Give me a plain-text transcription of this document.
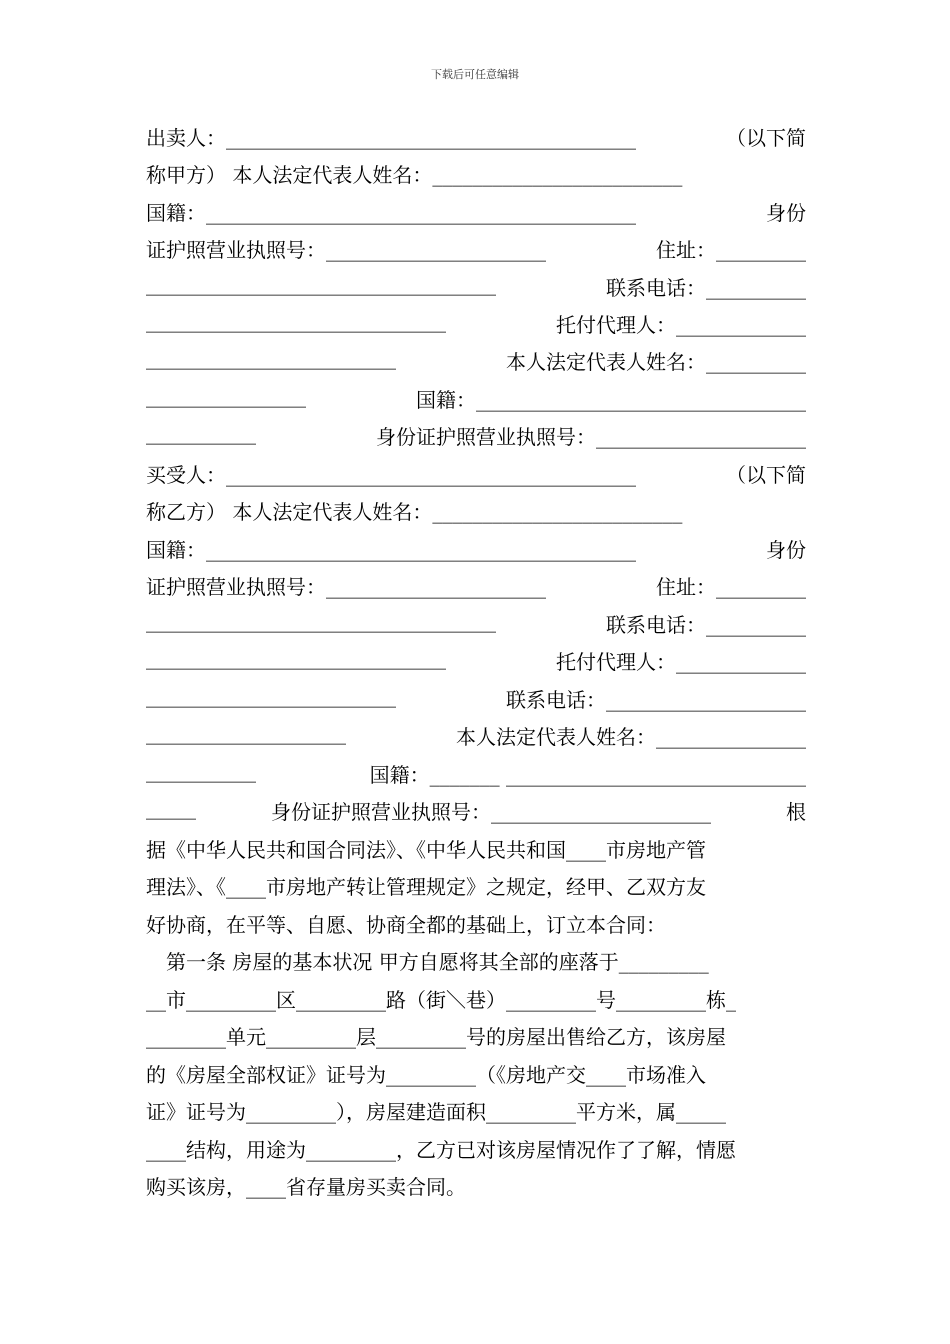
下载后可任意编辑
出卖人：_________________________________________	（以下简
称甲方） 本人法定代表人姓名：_________________________
国籍：___________________________________________	身份
证护照营业执照号：______________________	住址：_________
___________________________________	联系电话：__________
______________________________	托付代理人：_____________
_________________________	本人法定代表人姓名：__________
________________	国籍：_________________________________
___________	身份证护照营业执照号：_____________________
买受人：_________________________________________	（以下简
称乙方） 本人法定代表人姓名：_________________________
国籍：___________________________________________	身份
证护照营业执照号：______________________	住址：_________
___________________________________	联系电话：__________
______________________________	托付代理人：_____________
_________________________	联系电话：____________________
____________________	本人法定代表人姓名：_______________
___________	国籍：_______ ______________________________
_____	身份证护照营业执照号：______________________	根
据《中华人民共和国合同法》、《中华人民共和国____市房地产管
理法》、《____市房地产转让管理规定》之规定，经甲、乙双方友
好协商，在平等、自愿、协商全都的基础上，订立本合同：
第一条 房屋的基本状况 甲方自愿将其全部的座落于_________
__市_________区_________路（街＼巷）_________号_________栋_
________单元_________层_________号的房屋出售给乙方，该房屋
的《房屋全部权证》证号为_________（《房地产交____市场准入
证》证号为_________），房屋建造面积_________平方米，属_____
____结构，用途为_________，乙方已对该房屋情况作了了解，情愿
购买该房，____省存量房买卖合同。
